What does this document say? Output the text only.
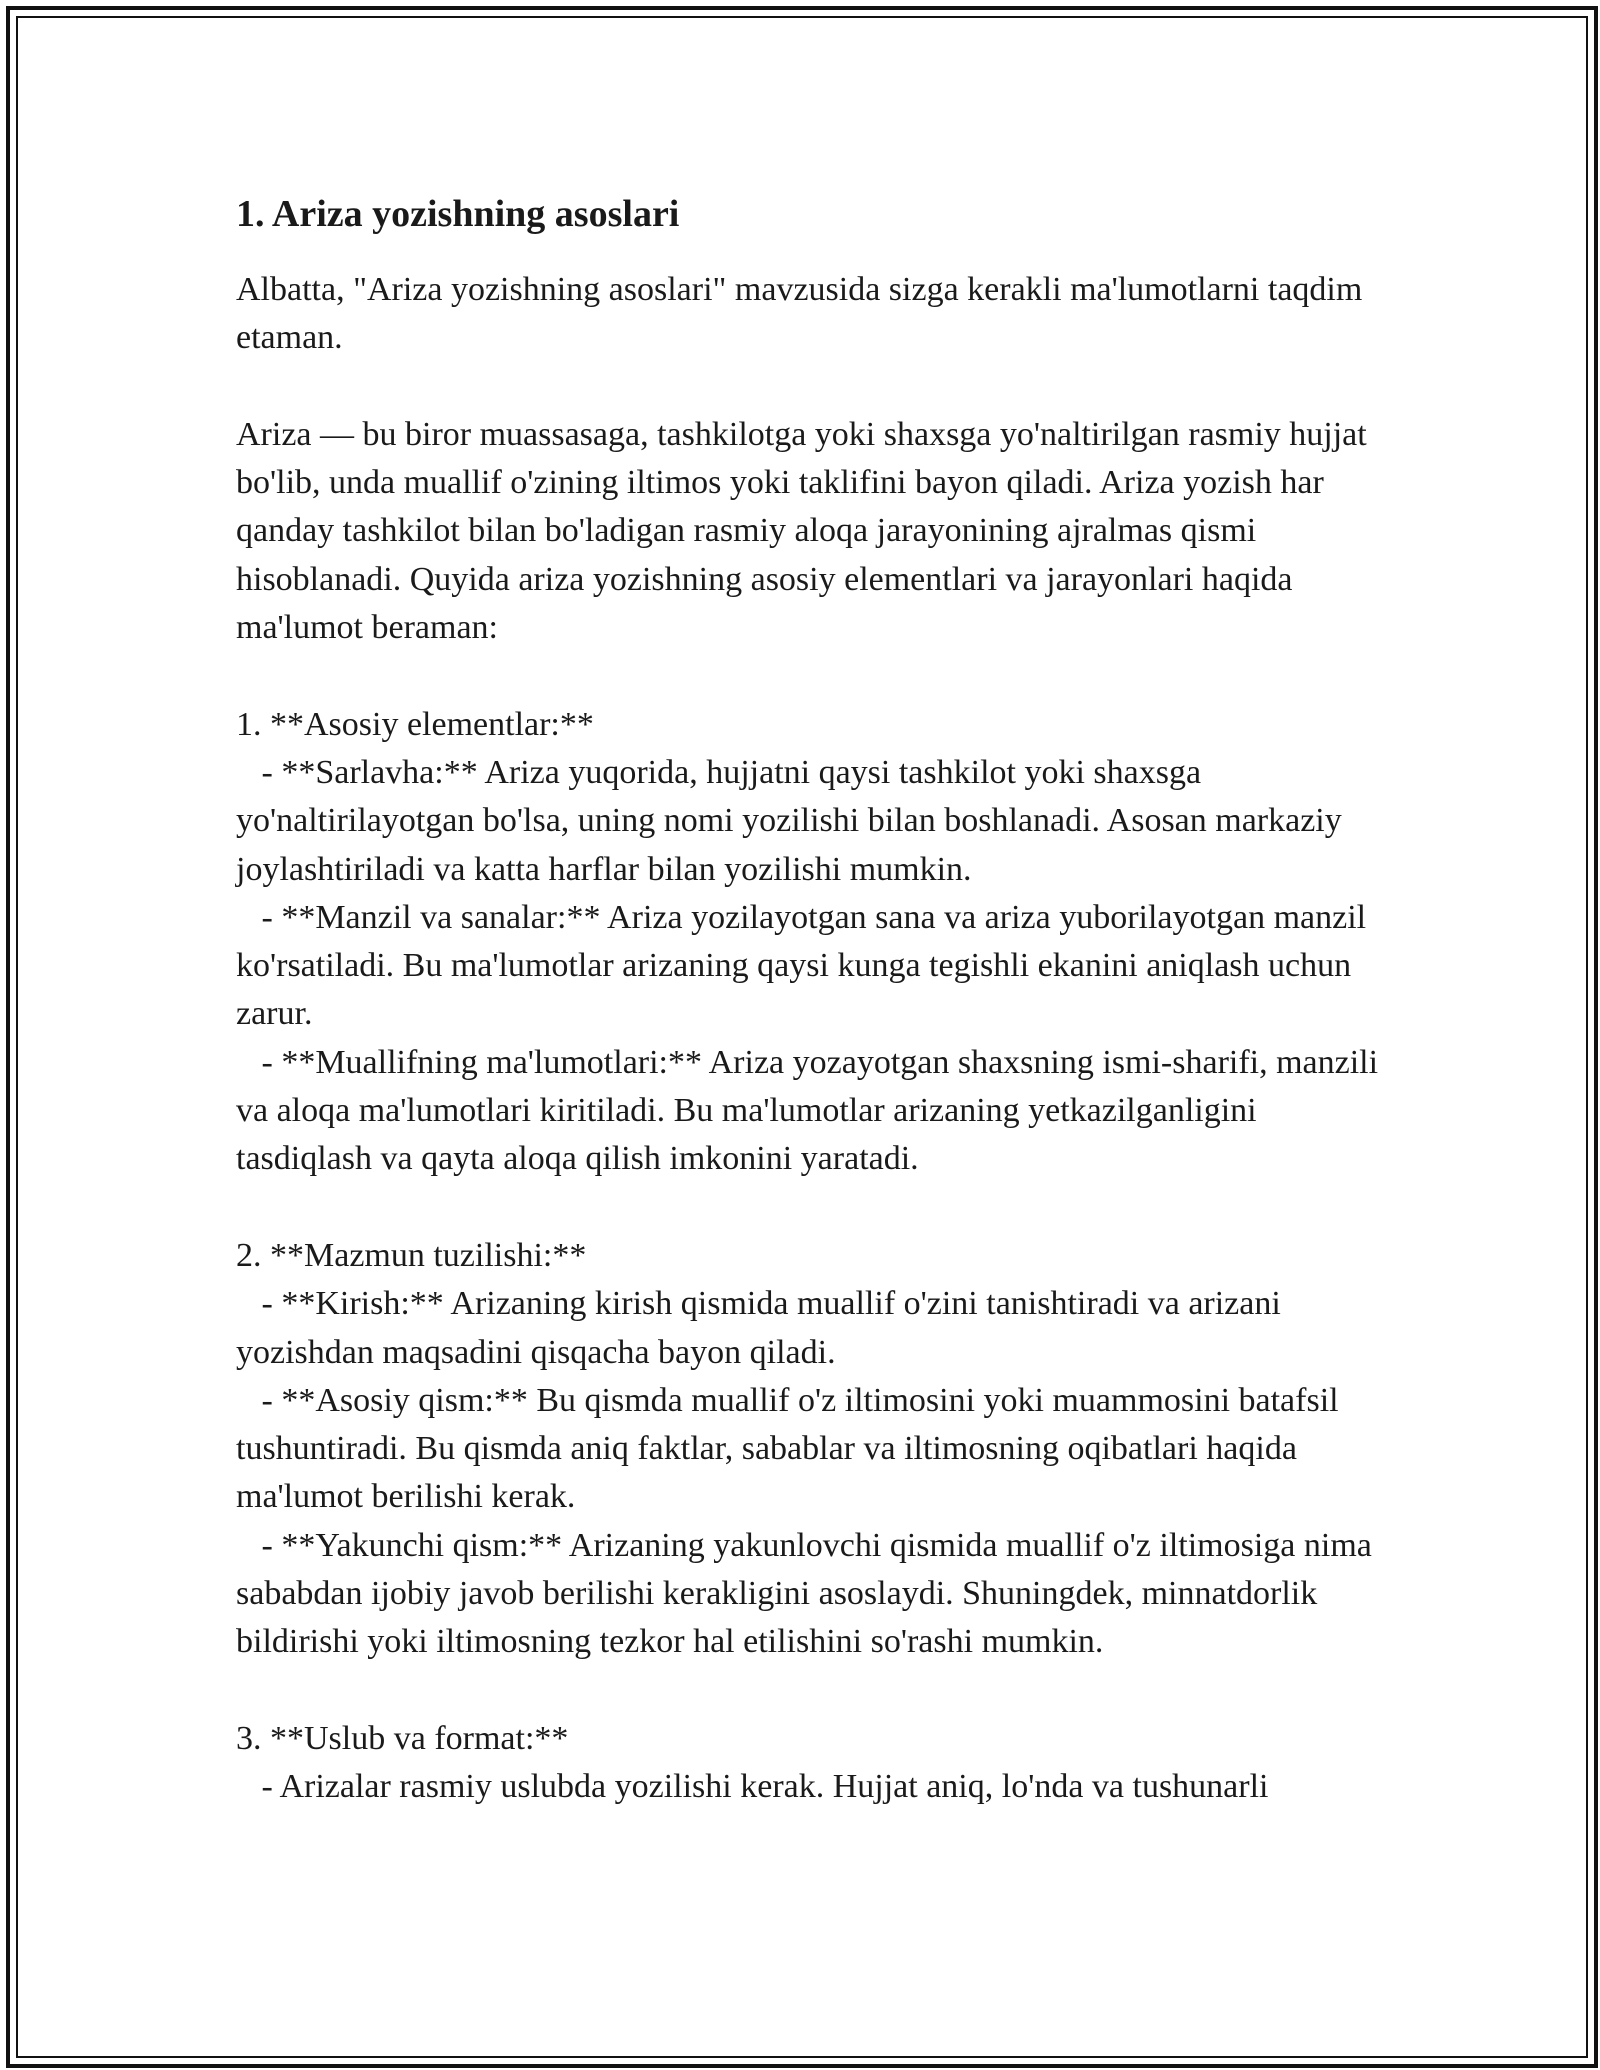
1. Ariza yozishning asoslari

Albatta, "Ariza yozishning asoslari" mavzusida sizga kerakli ma'lumotlarni taqdim etaman.

Ariza — bu biror muassasaga, tashkilotga yoki shaxsga yo'naltirilgan rasmiy hujjat bo'lib, unda muallif o'zining iltimos yoki taklifini bayon qiladi. Ariza yozish har qanday tashkilot bilan bo'ladigan rasmiy aloqa jarayonining ajralmas qismi hisoblanadi. Quyida ariza yozishning asosiy elementlari va jarayonlari haqida ma'lumot beraman:

1. **Asosiy elementlar:**

- **Sarlavha:** Ariza yuqorida, hujjatni qaysi tashkilot yoki shaxsga yo'naltirilayotgan bo'lsa, uning nomi yozilishi bilan boshlanadi. Asosan markaziy joylashtiriladi va katta harflar bilan yozilishi mumkin.

- **Manzil va sanalar:** Ariza yozilayotgan sana va ariza yuborilayotgan manzil ko'rsatiladi. Bu ma'lumotlar arizaning qaysi kunga tegishli ekanini aniqlash uchun zarur.

- **Muallifning ma'lumotlari:** Ariza yozayotgan shaxsning ismi-sharifi, manzili va aloqa ma'lumotlari kiritiladi. Bu ma'lumotlar arizaning yetkazilganligini tasdiqlash va qayta aloqa qilish imkonini yaratadi.

2. **Mazmun tuzilishi:**

- **Kirish:** Arizaning kirish qismida muallif o'zini tanishtiradi va arizani yozishdan maqsadini qisqacha bayon qiladi.

- **Asosiy qism:** Bu qismda muallif o'z iltimosini yoki muammosini batafsil tushuntiradi. Bu qismda aniq faktlar, sabablar va iltimosning oqibatlari haqida ma'lumot berilishi kerak.

- **Yakunchi qism:** Arizaning yakunlovchi qismida muallif o'z iltimosiga nima sababdan ijobiy javob berilishi kerakligini asoslaydi. Shuningdek, minnatdorlik bildirishi yoki iltimosning tezkor hal etilishini so'rashi mumkin.

3. **Uslub va format:**

- Arizalar rasmiy uslubda yozilishi kerak. Hujjat aniq, lo'nda va tushunarli
